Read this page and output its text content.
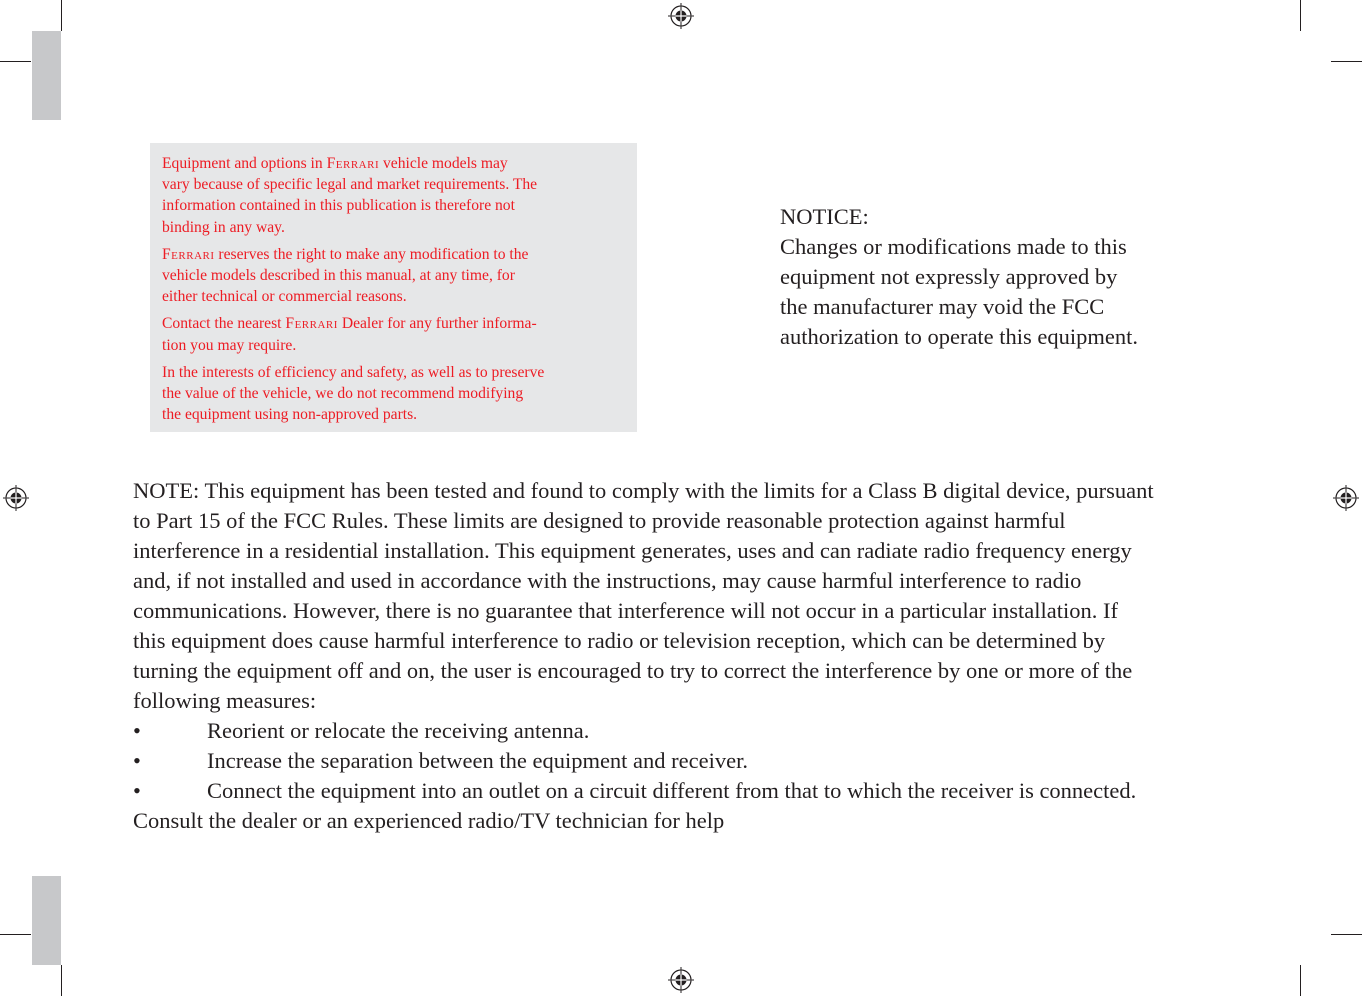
Equipment and options in Ferrari vehicle models may
vary because of specific legal and market requirements. The
information contained in this publication is therefore not
binding in any way.

Ferrari reserves the right to make any modification to the
vehicle models described in this manual, at any time, for
either technical or commercial reasons.

Contact the nearest Ferrari Dealer for any further informa-
tion you may require.

In the interests of efficiency and safety, as well as to preserve
the value of the vehicle, we do not recommend modifying
the equipment using non-approved parts.

NOTICE:
Changes or modifications made to this
equipment not expressly approved by
the manufacturer may void the FCC
authorization to operate this equipment.
NOTE: This equipment has been tested and found to comply with the limits for a Class B digital device, pursuant
to Part 15 of the FCC Rules. These limits are designed to provide reasonable protection against harmful
interference in a residential installation. This equipment generates, uses and can radiate radio frequency energy
and, if not installed and used in accordance with the instructions, may cause harmful interference to radio
communications. However, there is no guarantee that interference will not occur in a particular installation. If
this equipment does cause harmful interference to radio or television reception, which can be determined by
turning the equipment off and on, the user is encouraged to try to correct the interference by one or more of the
following measures:
•	Reorient or relocate the receiving antenna.
•	Increase the separation between the equipment and receiver.
•	Connect the equipment into an outlet on a circuit different from that to which the receiver is connected.
Consult the dealer or an experienced radio/TV technician for help
